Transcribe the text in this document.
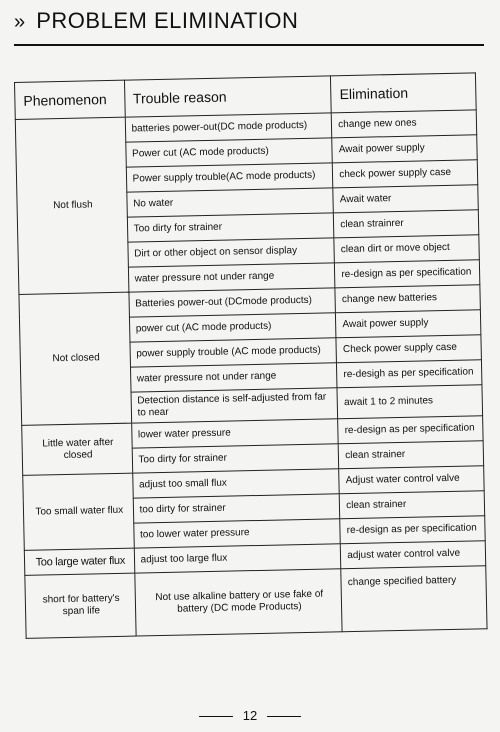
» PROBLEM ELIMINATION
Phenomenon	Trouble reason	Elimination
Not flush	batteries power-out(DC mode products)	change new ones
	Power cut (AC mode products)	Await power supply
	Power supply trouble(AC mode products)	check power supply case
	No water	Await water
	Too dirty for strainer	clean strainrer
	Dirt or other object on sensor display	clean dirt or move object
	water pressure not under range	re-design as per specification
Not closed	Batteries power-out (DCmode products)	change new batteries
	power cut (AC mode products)	Await power supply
	power supply trouble (AC mode products)	Check power supply case
	water pressure not under range	re-desigh as per specification
	Detection distance is self-adjusted from far to near	await 1 to 2 minutes
Little water after closed	lower water pressure	re-design as per specification
	Too dirty for strainer	clean strainer
Too small water flux	adjust too small flux	Adjust water control valve
	too dirty for strainer	clean strainer
	too lower water pressure	re-design as per specification
Too large water flux	adjust too large flux	adjust water control valve
short for battery's span life	Not use alkaline battery or use fake of battery (DC mode Products)	change specified battery
12
